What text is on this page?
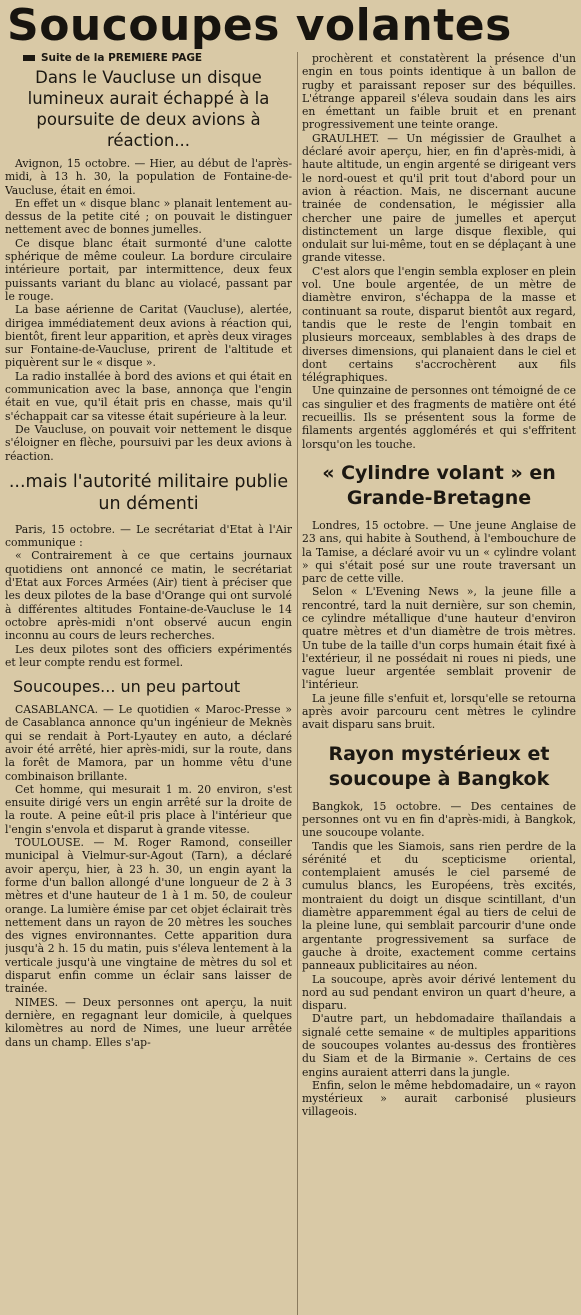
Soucoupes volantes
Suite de la PREMIÈRE PAGE
Dans le Vaucluse un disque lumineux aurait échappé à la poursuite de deux avions à réaction...

Avignon, 15 octobre. — Hier, au début de l'après-midi, à 13 h. 30, la population de Fontaine-de-Vaucluse, était en émoi.

En effet un « disque blanc » planait lentement au-dessus de la petite cité ; on pouvait le distinguer nettement avec de bonnes jumelles.

Ce disque blanc était surmonté d'une calotte sphérique de même couleur. La bordure circulaire intérieure portait, par intermittence, deux feux puissants variant du blanc au violacé, passant par le rouge.

La base aérienne de Caritat (Vaucluse), alertée, dirigea immédiatement deux avions à réaction qui, bientôt, firent leur apparition, et après deux virages sur Fontaine-de-Vaucluse, prirent de l'altitude et piquèrent sur le « disque ».

La radio installée à bord des avions et qui était en communication avec la base, annonça que l'engin était en vue, qu'il était pris en chasse, mais qu'il s'échappait car sa vitesse était supérieure à la leur.

De Vaucluse, on pouvait voir nettement le disque s'éloigner en flèche, poursuivi par les deux avions à réaction.

...mais l'autorité militaire publie un démenti

Paris, 15 octobre. — Le secrétariat d'Etat à l'Air communique :

« Contrairement à ce que certains journaux quotidiens ont annoncé ce matin, le secrétariat d'Etat aux Forces Armées (Air) tient à préciser que les deux pilotes de la base d'Orange qui ont survolé à différentes altitudes Fontaine-de-Vaucluse le 14 octobre après-midi n'ont observé aucun engin inconnu au cours de leurs recherches.

Les deux pilotes sont des officiers expérimentés et leur compte rendu est formel.

Soucoupes... un peu partout

CASABLANCA. — Le quotidien « Maroc-Presse » de Casablanca annonce qu'un ingénieur de Meknès qui se rendait à Port-Lyautey en auto, a déclaré avoir été arrêté, hier après-midi, sur la route, dans la forêt de Mamora, par un homme vêtu d'une combinaison brillante.

Cet homme, qui mesurait 1 m. 20 environ, s'est ensuite dirigé vers un engin arrêté sur la droite de la route. A peine eût-il pris place à l'intérieur que l'engin s'envola et disparut à grande vitesse.

TOULOUSE. — M. Roger Ramond, conseiller municipal à Vielmur-sur-Agout (Tarn), a déclaré avoir aperçu, hier, à 23 h. 30, un engin ayant la forme d'un ballon allongé d'une longueur de 2 à 3 mètres et d'une hauteur de 1 à 1 m. 50, de couleur orange. La lumière émise par cet objet éclairait très nettement dans un rayon de 20 mètres les souches des vignes environnantes. Cette apparition dura jusqu'à 2 h. 15 du matin, puis s'éleva lentement à la verticale jusqu'à une vingtaine de mètres du sol et disparut enfin comme un éclair sans laisser de trainée.

NIMES. — Deux personnes ont aperçu, la nuit dernière, en regagnant leur domicile, à quelques kilomètres au nord de Nimes, une lueur arrêtée dans un champ. Elles s'ap-

prochèrent et constatèrent la présence d'un engin en tous points identique à un ballon de rugby et paraissant reposer sur des béquilles. L'étrange appareil s'éleva soudain dans les airs en émettant un faible bruit et en prenant progressivement une teinte orange.

GRAULHET. — Un mégissier de Graulhet a déclaré avoir aperçu, hier, en fin d'après-midi, à haute altitude, un engin argenté se dirigeant vers le nord-ouest et qu'il prit tout d'abord pour un avion à réaction. Mais, ne discernant aucune trainée de condensation, le mégissier alla chercher une paire de jumelles et aperçut distinctement un large disque flexible, qui ondulait sur lui-même, tout en se déplaçant à une grande vitesse.

C'est alors que l'engin sembla exploser en plein vol. Une boule argentée, de un mètre de diamètre environ, s'échappa de la masse et continuant sa route, disparut bientôt aux regard, tandis que le reste de l'engin tombait en plusieurs morceaux, semblables à des draps de diverses dimensions, qui planaient dans le ciel et dont certains s'accrochèrent aux fils télégraphiques.

Une quinzaine de personnes ont témoigné de ce cas singulier et des fragments de matière ont été recueillis. Ils se présentent sous la forme de filaments argentés agglomérés et qui s'effritent lorsqu'on les touche.

« Cylindre volant » en Grande-Bretagne

Londres, 15 octobre. — Une jeune Anglaise de 23 ans, qui habite à Southend, à l'embouchure de la Tamise, a déclaré avoir vu un « cylindre volant » qui s'était posé sur une route traversant un parc de cette ville.

Selon « L'Evening News », la jeune fille a rencontré, tard la nuit dernière, sur son chemin, ce cylindre métallique d'une hauteur d'environ quatre mètres et d'un diamètre de trois mètres. Un tube de la taille d'un corps humain était fixé à l'extérieur, il ne possédait ni roues ni pieds, une vague lueur argentée semblait provenir de l'intérieur.

La jeune fille s'enfuit et, lorsqu'elle se retourna après avoir parcouru cent mètres le cylindre avait disparu sans bruit.

Rayon mystérieux et soucoupe à Bangkok

Bangkok, 15 octobre. — Des centaines de personnes ont vu en fin d'après-midi, à Bangkok, une soucoupe volante.

Tandis que les Siamois, sans rien perdre de la sérénité et du scepticisme oriental, contemplaient amusés le ciel parsemé de cumulus blancs, les Européens, très excités, montraient du doigt un disque scintillant, d'un diamètre apparemment égal au tiers de celui de la pleine lune, qui semblait parcourir d'une onde argentante progressivement sa surface de gauche à droite, exactement comme certains panneaux publicitaires au néon.

La soucoupe, après avoir dérivé lentement du nord au sud pendant environ un quart d'heure, a disparu.

D'autre part, un hebdomadaire thaïlandais a signalé cette semaine « de multiples apparitions de soucoupes volantes au-dessus des frontières du Siam et de la Birmanie ». Certains de ces engins auraient atterri dans la jungle.

Enfin, selon le même hebdomadaire, un « rayon mystérieux » aurait carbonisé plusieurs villageois.
